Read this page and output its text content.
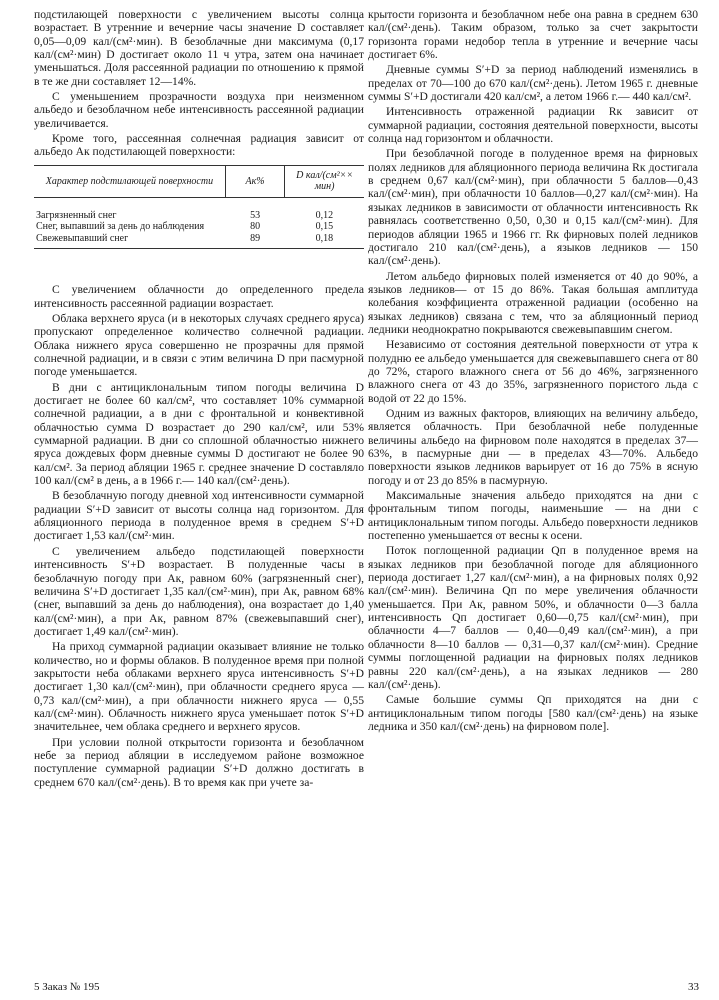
подстилающей поверхности с увеличением высоты солнца возрастает. В утренние и вечерние часы значение D составляет 0,05—0,09 кал/(см²·мин). В безоблачные дни максимума (0,17 кал/(см²·мин) D достигает около 11 ч утра, затем она начинает уменьшаться. Доля рассеянной радиации по отношению к прямой в те же дни составляет 12—14%.

С уменьшением прозрачности воздуха при неизменном альбедо и безоблачном небе интенсивность рассеянной радиации увеличивается.

Кроме того, рассеянная солнечная радиация зависит от альбедо Aк подстилающей поверхности:

Характер подстилающей поверхности	Aк%	D кал/(см²×× мин)
Загрязненный снег	53	0,12
Снег, выпавший за день до наблюдения	80	0,15
Свежевыпавший снег	89	0,18

С увеличением облачности до определенного предела интенсивность рассеянной радиации возрастает.

Облака верхнего яруса (и в некоторых случаях среднего яруса) пропускают определенное количество солнечной радиации. Облака нижнего яруса совершенно не прозрачны для прямой солнечной радиации, и в связи с этим величина D при пасмурной погоде уменьшается.

В дни с антициклональным типом погоды величина D достигает не более 60 кал/см², что составляет 10% суммарной солнечной радиации, а в дни с фронтальной и конвективной облачностью сумма D возрастает до 290 кал/см², или 53% суммарной радиации. В дни со сплошной облачностью нижнего яруса дождевых форм дневные суммы D достигают не более 90 кал/см². За период абляции 1965 г. среднее значение D составляло 100 кал/(см² в день, а в 1966 г.— 140 кал/(см²·день).

В безоблачную погоду дневной ход интенсивности суммарной радиации S′+D зависит от высоты солнца над горизонтом. Для абляционного периода в полуденное время в среднем S′+D достигает 1,53 кал/(см²·мин.

С увеличением альбедо подстилающей поверхности интенсивность S′+D возрастает. В полуденные часы в безоблачную погоду при Aк, равном 60% (загрязненный снег), величина S′+D достигает 1,35 кал/(см²·мин), при Aк, равном 68% (снег, выпавший за день до наблюдения), она возрастает до 1,40 кал/(см²·мин), а при Aк, равном 87% (свежевыпавший снег), достигает 1,49 кал/(см²·мин).

На приход суммарной радиации оказывает влияние не только количество, но и формы облаков. В полуденное время при полной закрытости неба облаками верхнего яруса интенсивность S′+D достигает 1,30 кал/(см²·мин), при облачности среднего яруса — 0,73 кал/(см²·мин), а при облачности нижнего яруса — 0,55 кал/(см²·мин). Облачность нижнего яруса уменьшает поток S′+D значительнее, чем облака среднего и верхнего ярусов.

При условии полной открытости горизонта и безоблачном небе за период абляции в исследуемом районе возможное поступление суммарной радиации S′+D должно достигать в среднем 670 кал/(см²·день). В то время как при учете за-

крытости горизонта и безоблачном небе она равна в среднем 630 кал/(см²·день). Таким образом, только за счет закрытости горизонта горами недобор тепла в утренние и вечерние часы достигает 6%.

Дневные суммы S′+D за период наблюдений изменялись в пределах от 70—100 до 670 кал/(см²·день). Летом 1965 г. дневные суммы S′+D достигали 420 кал/см², а летом 1966 г.— 440 кал/см².

Интенсивность отраженной радиации Rк зависит от суммарной радиации, состояния деятельной поверхности, высоты солнца над горизонтом и облачности.

При безоблачной погоде в полуденное время на фирновых полях ледников для абляционного периода величина Rк достигала в среднем 0,67 кал/(см²·мин), при облачности 5 баллов—0,43 кал/(см²·мин), при облачности 10 баллов—0,27 кал/(см²·мин). На языках ледников в зависимости от облачности интенсивность Rк равнялась соответственно 0,50, 0,30 и 0,15 кал/(см²·мин). Для периодов абляции 1965 и 1966 гг. Rк фирновых полей ледников достигало 210 кал/(см²·день), а языков ледников — 150 кал/(см²·день).

Летом альбедо фирновых полей изменяется от 40 до 90%, а языков ледников— от 15 до 86%. Такая большая амплитуда колебания коэффициента отраженной радиации (особенно на языках ледников) связана с тем, что за абляционный период ледники неоднократно покрываются свежевыпавшим снегом.

Независимо от состояния деятельной поверхности от утра к полудню ее альбедо уменьшается для свежевыпавшего снега от 80 до 72%, старого влажного снега от 56 до 46%, загрязненного влажного снега от 43 до 35%, загрязненного пористого льда с водой от 22 до 15%.

Одним из важных факторов, влияющих на величину альбедо, является облачность. При безоблачной небе полуденные величины альбедо на фирновом поле находятся в пределах 37—63%, в пасмурные дни — в пределах 43—70%. Альбедо поверхности языков ледников варьирует от 16 до 75% в ясную погоду и от 23 до 85% в пасмурную.

Максимальные значения альбедо приходятся на дни с фронтальным типом погоды, наименьшие — на дни с антициклональным типом погоды. Альбедо поверхности ледников постепенно уменьшается от весны к осени.

Поток поглощенной радиации Qп в полуденное время на языках ледников при безоблачной погоде для абляционного периода достигает 1,27 кал/(см²·мин), а на фирновых полях 0,92 кал/(см²·мин). Величина Qп по мере увеличения облачности уменьшается. При Aк, равном 50%, и облачности 0—3 балла интенсивность Qп достигает 0,60—0,75 кал/(см²·мин), при облачности 4—7 баллов — 0,40—0,49 кал/(см²·мин), а при облачности 8—10 баллов — 0,31—0,37 кал/(см²·мин). Средние суммы поглощенной радиации на фирновых полях ледников равны 220 кал/(см²·день), а на языках ледников — 280 кал/(см²·день).

Самые большие суммы Qп приходятся на дни с антициклональным типом погоды [580 кал/(см²·день) на языке ледника и 350 кал/(см²·день) на фирновом поле].

5 Заказ № 195	33
